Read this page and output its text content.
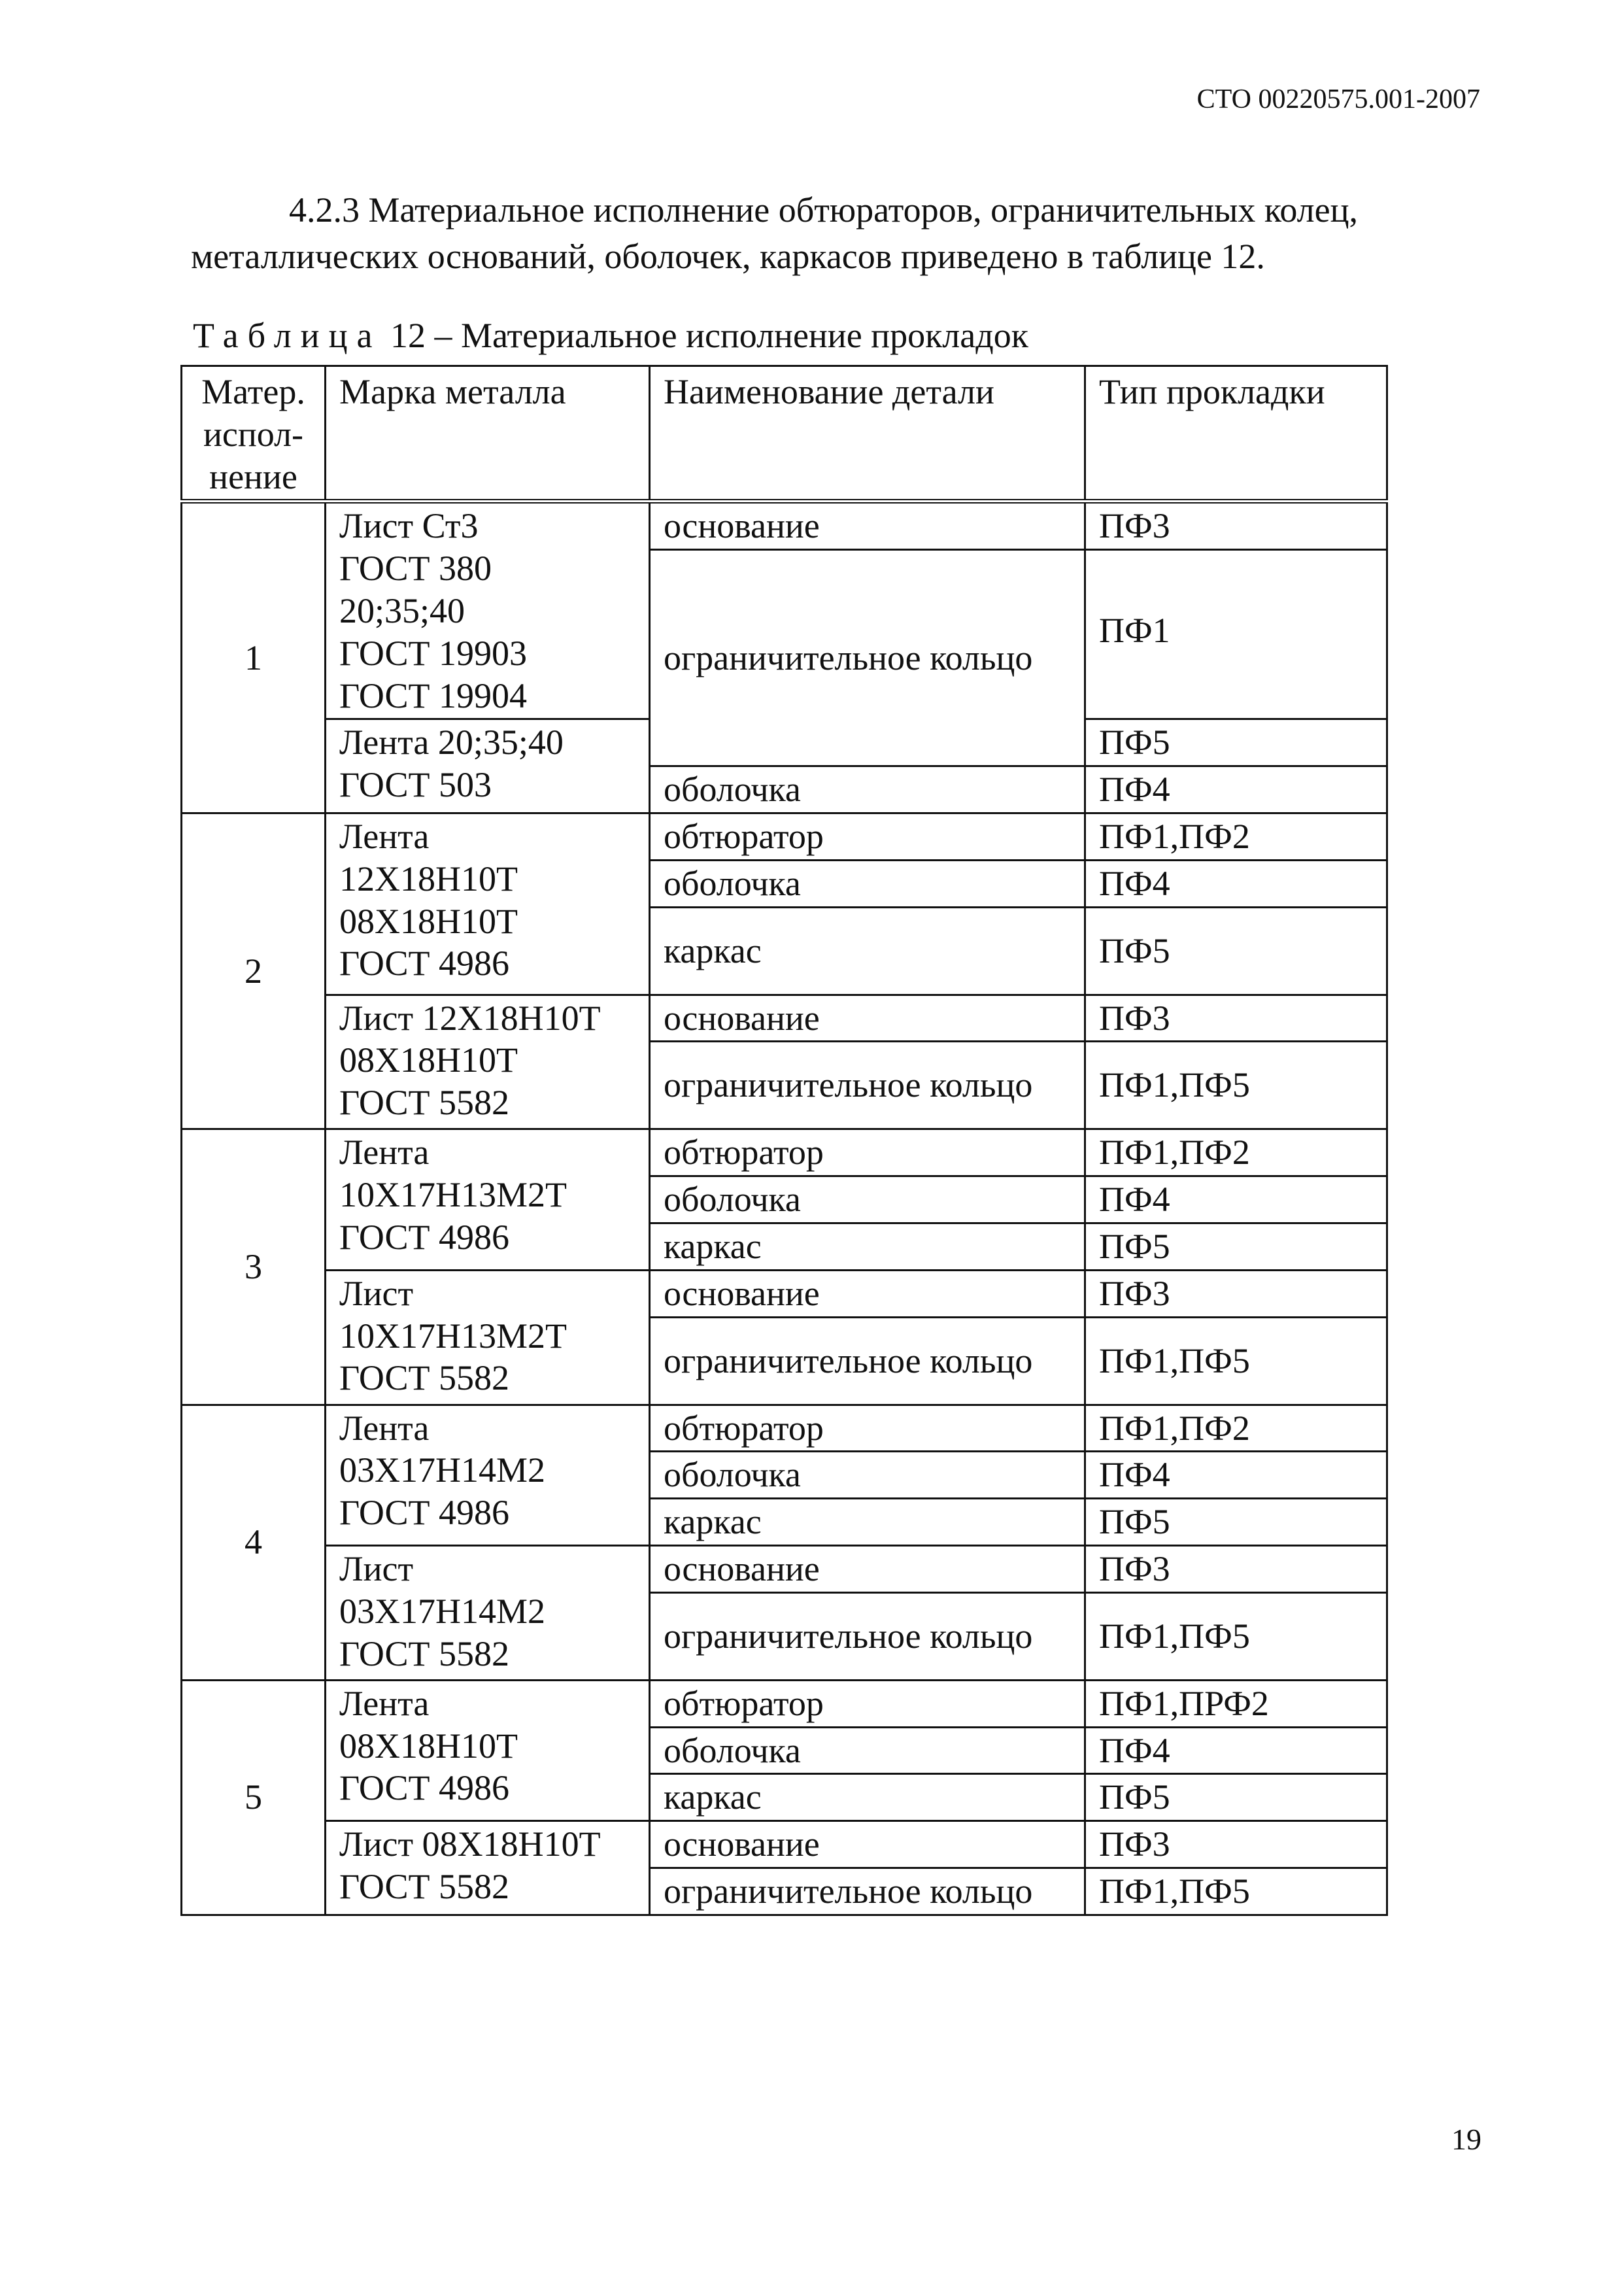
СТО 00220575.001-2007

4.2.3 Материальное исполнение обтюраторов, ограничительных колец,
металлических оснований, оболочек, каркасов приведено в таблице 12.

Таблица 12 – Материальное исполнение прокладок
Матер.
испол-
нение	Марка металла	Наименование детали	Тип прокладки
1	Лист Ст3
ГОСТ 380
20;35;40
ГОСТ 19903
ГОСТ 19904	основание	ПФ3
		ограничительное кольцо	ПФ1

	Лента 20;35;40
ГОСТ 503		ПФ5
		оболочка	ПФ4
2	Лента
12Х18Н10Т
08Х18Н10Т
ГОСТ 4986	обтюратор	ПФ1,ПФ2
		оболочка	ПФ4
		каркас	ПФ5

	Лист 12Х18Н10Т
08Х18Н10Т
ГОСТ 5582	основание	ПФ3
		ограничительное кольцо	ПФ1,ПФ5
3	Лента
10Х17Н13М2Т
ГОСТ 4986	обтюратор	ПФ1,ПФ2
		оболочка	ПФ4
		каркас	ПФ5

	Лист
10Х17Н13М2Т
ГОСТ 5582	основание	ПФ3
		ограничительное кольцо	ПФ1,ПФ5
4	Лента
03Х17Н14М2
ГОСТ 4986	обтюратор	ПФ1,ПФ2
		оболочка	ПФ4
		каркас	ПФ5

	Лист
03Х17Н14М2
ГОСТ 5582	основание	ПФ3
		ограничительное кольцо	ПФ1,ПФ5
5	Лента
08Х18Н10Т
ГОСТ 4986	обтюратор	ПФ1,ПРФ2
		оболочка	ПФ4
		каркас	ПФ5

	Лист 08Х18Н10Т
ГОСТ 5582	основание	ПФ3
		ограничительное кольцо	ПФ1,ПФ5
19
